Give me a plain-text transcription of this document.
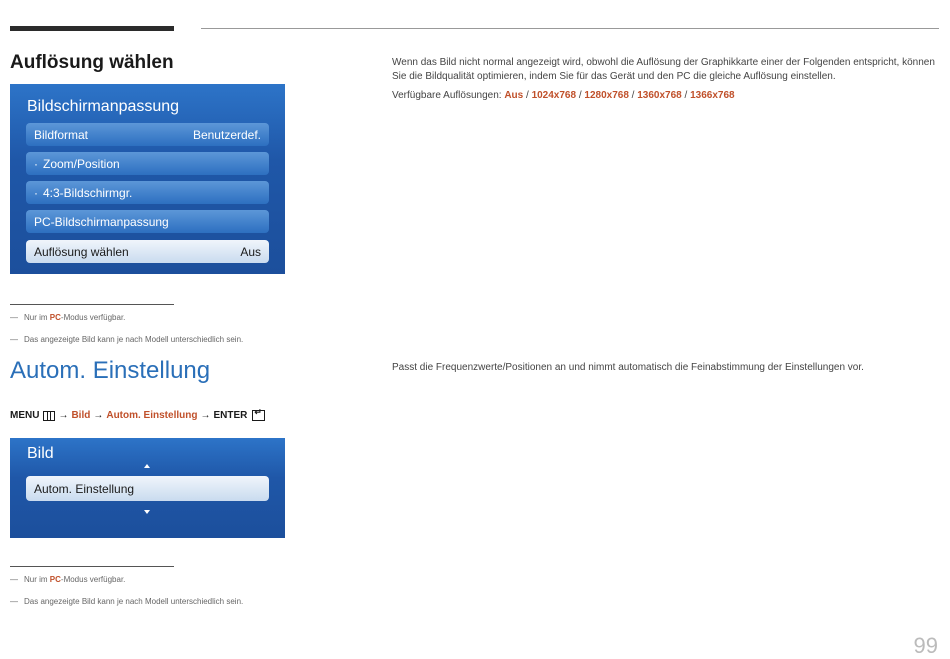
Auflösung wählen
Bildschirmanpassung
Bildformat	Benutzerdef.
· Zoom/Position
· 4:3-Bildschirmgr.
PC-Bildschirmanpassung
Auflösung wählen	Aus
Wenn das Bild nicht normal angezeigt wird, obwohl die Auflösung der Graphikkarte einer der Folgenden entspricht, können Sie die Bildqualität optimieren, indem Sie für das Gerät und den PC die gleiche Auflösung einstellen.
Verfügbare Auflösungen: Aus / 1024x768 / 1280x768 / 1360x768 / 1366x768
― Nur im PC-Modus verfügbar.
― Das angezeigte Bild kann je nach Modell unterschiedlich sein.
Autom. Einstellung
MENU → Bild → Autom. Einstellung → ENTER
↵
Bild
Autom. Einstellung
Passt die Frequenzwerte/Positionen an und nimmt automatisch die Feinabstimmung der Einstellungen vor.
― Nur im PC-Modus verfügbar.
― Das angezeigte Bild kann je nach Modell unterschiedlich sein.
99
